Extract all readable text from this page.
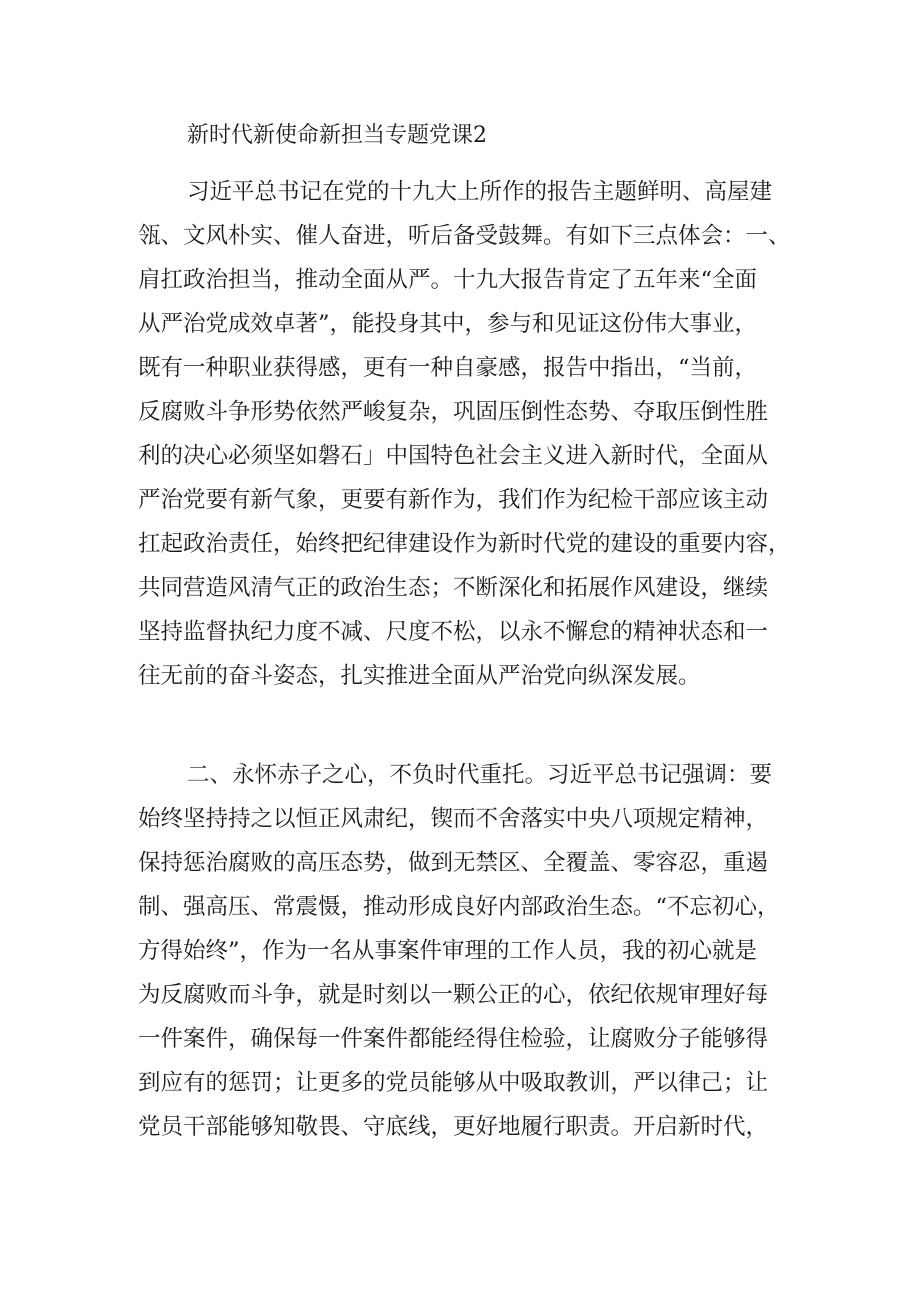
新时代新使命新担当专题党课2

习近平总书记在党的十九大上所作的报告主题鲜明、高屋建

瓴、文风朴实、催人奋进，听后备受鼓舞。有如下三点体会：一、

肩扛政治担当，推动全面从严。十九大报告肯定了五年来“全面

从严治党成效卓著”，能投身其中，参与和见证这份伟大事业，

既有一种职业获得感，更有一种自豪感，报告中指出，“当前，

反腐败斗争形势依然严峻复杂，巩固压倒性态势、夺取压倒性胜

利的决心必须坚如磐石」中国特色社会主义进入新时代，全面从

严治党要有新气象，更要有新作为，我们作为纪检干部应该主动

扛起政治责任，始终把纪律建设作为新时代党的建设的重要内容，

共同营造风清气正的政治生态；不断深化和拓展作风建设，继续

坚持监督执纪力度不减、尺度不松，以永不懈怠的精神状态和一

往无前的奋斗姿态，扎实推进全面从严治党向纵深发展。

二、永怀赤子之心，不负时代重托。习近平总书记强调：要

始终坚持持之以恒正风肃纪，锲而不舍落实中央八项规定精神，

保持惩治腐败的高压态势，做到无禁区、全覆盖、零容忍，重遏

制、强高压、常震慑，推动形成良好内部政治生态。“不忘初心，

方得始终”，作为一名从事案件审理的工作人员，我的初心就是

为反腐败而斗争，就是时刻以一颗公正的心，依纪依规审理好每

一件案件，确保每一件案件都能经得住检验，让腐败分子能够得

到应有的惩罚；让更多的党员能够从中吸取教训，严以律己；让

党员干部能够知敬畏、守底线，更好地履行职责。开启新时代，
